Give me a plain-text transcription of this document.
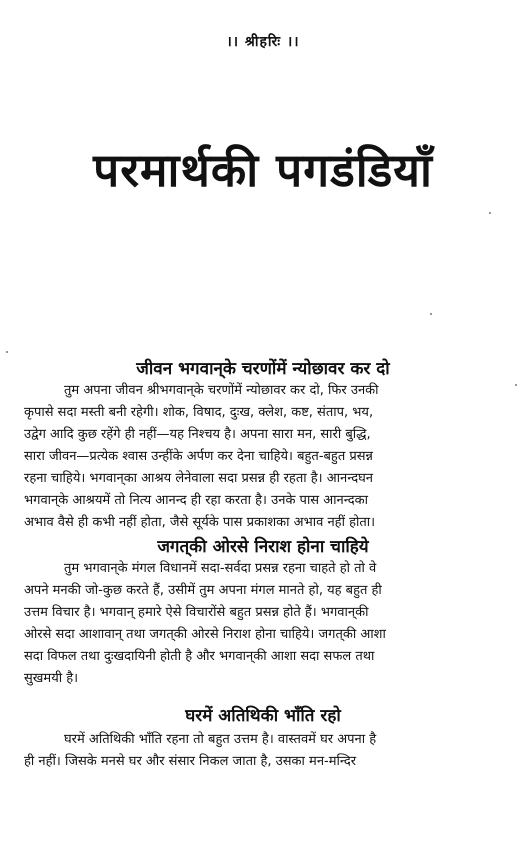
।। श्रीहरिः ।।
परमार्थकी पगडंडियाँ
जीवन भगवान्‌के चरणोंमें न्योछावर कर दो
तुम अपना जीवन श्रीभगवान्‌के चरणोंमें न्योछावर कर दो, फिर उनकी
कृपासे सदा मस्ती बनी रहेगी। शोक, विषाद, दुःख, क्लेश, कष्ट, संताप, भय,
उद्वेग आदि कुछ रहेंगे ही नहीं—यह निश्चय है। अपना सारा मन, सारी बुद्धि,
सारा जीवन—प्रत्येक श्वास उन्हींके अर्पण कर देना चाहिये। बहुत-बहुत प्रसन्न
रहना चाहिये। भगवान्‌का आश्रय लेनेवाला सदा प्रसन्न ही रहता है। आनन्दघन
भगवान्‌के आश्रयमें तो नित्य आनन्द ही रहा करता है। उनके पास आनन्दका
अभाव वैसे ही कभी नहीं होता, जैसे सूर्यके पास प्रकाशका अभाव नहीं होता।
जगत्‌की ओरसे निराश होना चाहिये
तुम भगवान्‌के मंगल विधानमें सदा-सर्वदा प्रसन्न रहना चाहते हो तो वे
अपने मनकी जो-कुछ करते हैं, उसीमें तुम अपना मंगल मानते हो, यह बहुत ही
उत्तम विचार है। भगवान् हमारे ऐसे विचारोंसे बहुत प्रसन्न होते हैं। भगवान्‌की
ओरसे सदा आशावान् तथा जगत्‌की ओरसे निराश होना चाहिये। जगत्‌की आशा
सदा विफल तथा दुःखदायिनी होती है और भगवान्‌की आशा सदा सफल तथा
सुखमयी है।
घरमें अतिथिकी भाँति रहो
घरमें अतिथिकी भाँति रहना तो बहुत उत्तम है। वास्तवमें घर अपना है
ही नहीं। जिसके मनसे घर और संसार निकल जाता है, उसका मन-मन्दिर
